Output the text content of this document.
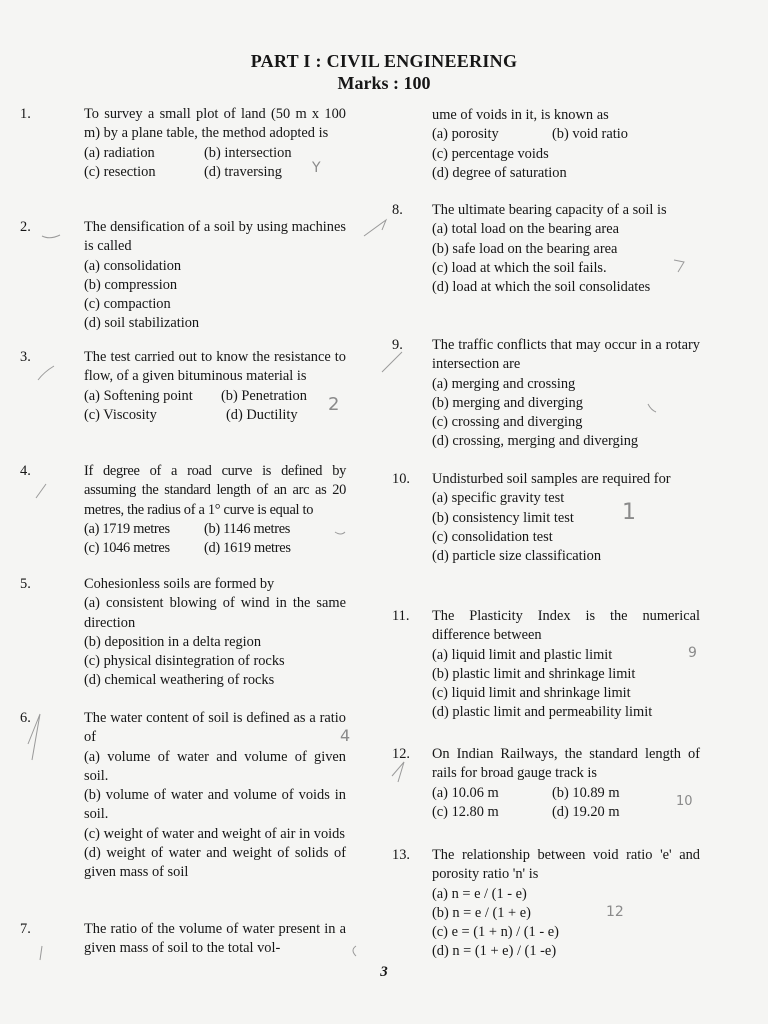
PART I : CIVIL ENGINEERING
Marks : 100
1.	To survey a small plot of land (50 m x 100 m) by a plane table, the method adopted is
(a) radiation	(b) intersection
(c) resection	(d) traversing
2.	The densification of a soil by using machines is called
(a) consolidation
(b) compression
(c) compaction
(d) soil stabilization
3.	The test carried out to know the resistance to flow, of a given bituminous material is
(a) Softening point	(b) Penetration
(c) Viscosity	(d) Ductility
4.	If degree of a road curve is defined by assuming the standard length of an arc as 20 metres, the radius of a 1° curve is equal to
(a) 1719 metres	(b) 1146 metres
(c) 1046 metres	(d) 1619 metres
5.	Cohesionless soils are formed by
(a) consistent blowing of wind in the same direction
(b) deposition in a delta region
(c) physical disintegration of rocks
(d) chemical weathering of rocks
6.	The water content of soil is defined as a ratio of
(a) volume of water and volume of given soil.
(b) volume of water and volume of voids in soil.
(c) weight of water and weight of air in voids
(d) weight of water and weight of solids of given mass of soil
7.	The ratio of the volume of water present in a given mass of soil to the total vol-
ume of voids in it, is known as
(a) porosity	(b) void ratio
(c) percentage voids
(d) degree of saturation
8.	The ultimate bearing capacity of a soil is
(a) total load on the bearing area
(b) safe load on the bearing area
(c) load at which the soil fails.
(d) load at which the soil consolidates
9.	The traffic conflicts that may occur in a rotary intersection are
(a) merging and crossing
(b) merging and diverging
(c) crossing and diverging
(d) crossing, merging and diverging
10.	Undisturbed soil samples are required for
(a) specific gravity test
(b) consistency limit test
(c) consolidation test
(d) particle size classification
11.	The Plasticity Index is the numerical difference between
(a) liquid limit and plastic limit
(b) plastic limit and shrinkage limit
(c) liquid limit and shrinkage limit
(d) plastic limit and permeability limit
12.	On Indian Railways, the standard length of rails for broad gauge track is
(a) 10.06 m	(b) 10.89 m
(c) 12.80 m	(d) 19.20 m
13.	The relationship between void ratio 'e' and porosity ratio 'n' is
(a) n = e / (1 - e)
(b) n = e / (1 + e)
(c) e = (1 + n) / (1 - e)
(d) n = (1 + e) / (1 -e)
Y
2
1
4
10
12
9
3
